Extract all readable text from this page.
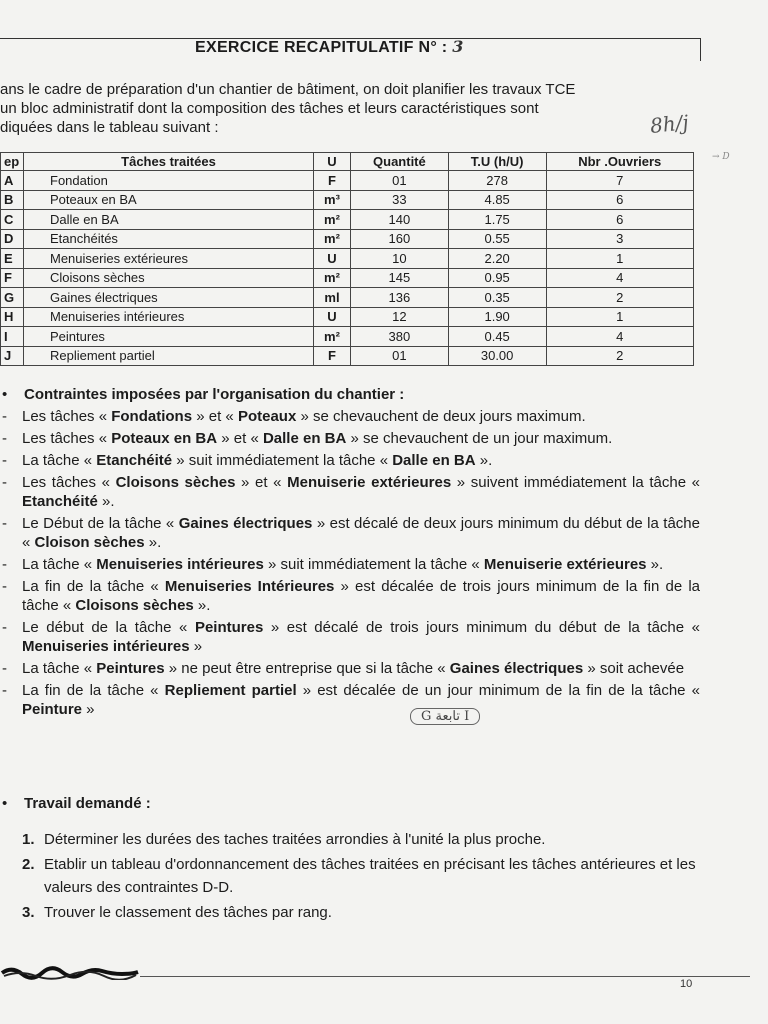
EXERCICE RECAPITULATIF N° : 3
ans le cadre de préparation d'un chantier de bâtiment, on doit planifier les travaux TCE
un bloc administratif dont la composition des tâches et leurs caractéristiques sont
diquées dans le tableau suivant :	8h/j
→ D
ep	Tâches traitées	U	Quantité	T.U (h/U)	Nbr .Ouvriers
A	Fondation	F	01	278	7
B	Poteaux en BA	m³	33	4.85	6
C	Dalle en BA	m²	140	1.75	6
D	Etanchéités	m²	160	0.55	3
E	Menuiseries extérieures	U	10	2.20	1
F	Cloisons sèches	m²	145	0.95	4
G	Gaines électriques	ml	136	0.35	2
H	Menuiseries intérieures	U	12	1.90	1
I	Peintures	m²	380	0.45	4
J	Repliement partiel	F	01	30.00	2
• Contraintes imposées par l'organisation du chantier :
- Les tâches « Fondations » et « Poteaux » se chevauchent de deux jours maximum.
- Les tâches « Poteaux en BA » et « Dalle en BA » se chevauchent de un jour maximum.
- La tâche « Etanchéité » suit immédiatement la tâche « Dalle en BA ».
- Les tâches « Cloisons sèches » et « Menuiserie extérieures » suivent immédiatement la tâche « Etanchéité ».
- Le Début de la tâche « Gaines électriques » est décalé de deux jours minimum du début de la tâche « Cloison sèches ».
- La tâche « Menuiseries intérieures » suit immédiatement la tâche « Menuiserie extérieures ».
- La fin de la tâche « Menuiseries Intérieures » est décalée de trois jours minimum de la fin de la tâche « Cloisons sèches ».
- Le début de la tâche « Peintures » est décalé de trois jours minimum du début de la tâche « Menuiseries intérieures »
- La tâche « Peintures » ne peut être entreprise que si la tâche « Gaines électriques » soit achevée
- La fin de la tâche « Repliement partiel » est décalée de un jour minimum de la fin de la tâche « Peinture »	G تابعة I
• Travail demandé :
1. Déterminer les durées des taches traitées arrondies à l'unité la plus proche.
2. Etablir un tableau d'ordonnancement des tâches traitées en précisant les tâches antérieures et les valeurs des contraintes D-D.
3. Trouver le classement des tâches par rang.
10
